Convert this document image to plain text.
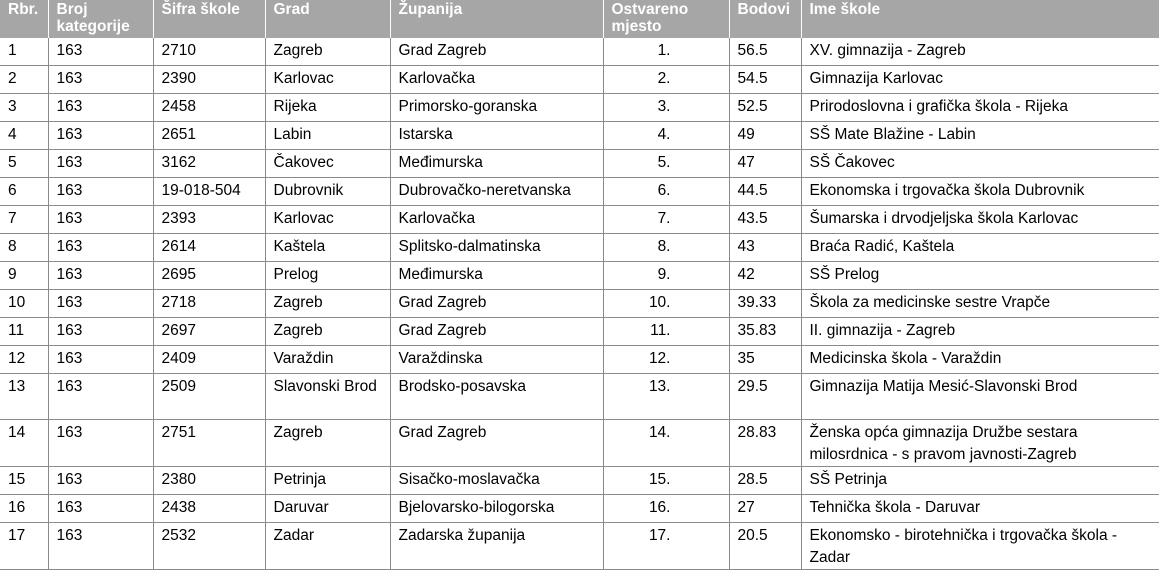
Rbr.	Broj kategorije	Šifra škole	Grad	Županija	Ostvareno mjesto	Bodovi	Ime škole
1	163	2710	Zagreb	Grad Zagreb	1.	56.5	XV. gimnazija - Zagreb
2	163	2390	Karlovac	Karlovačka	2.	54.5	Gimnazija Karlovac
3	163	2458	Rijeka	Primorsko-goranska	3.	52.5	Prirodoslovna i grafička škola - Rijeka
4	163	2651	Labin	Istarska	4.	49	SŠ Mate Blažine - Labin
5	163	3162	Čakovec	Međimurska	5.	47	SŠ Čakovec
6	163	19-018-504	Dubrovnik	Dubrovačko-neretvanska	6.	44.5	Ekonomska i trgovačka škola Dubrovnik
7	163	2393	Karlovac	Karlovačka	7.	43.5	Šumarska i drvodjeljska škola Karlovac
8	163	2614	Kaštela	Splitsko-dalmatinska	8.	43	Braća Radić, Kaštela
9	163	2695	Prelog	Međimurska	9.	42	SŠ Prelog
10	163	2718	Zagreb	Grad Zagreb	10.	39.33	Škola za medicinske sestre Vrapče
11	163	2697	Zagreb	Grad Zagreb	11.	35.83	II. gimnazija - Zagreb
12	163	2409	Varaždin	Varaždinska	12.	35	Medicinska škola - Varaždin
13	163	2509	Slavonski Brod	Brodsko-posavska	13.	29.5	Gimnazija Matija Mesić-Slavonski Brod
14	163	2751	Zagreb	Grad Zagreb	14.	28.83	Ženska opća gimnazija Družbe sestara milosrdnica - s pravom javnosti-Zagreb
15	163	2380	Petrinja	Sisačko-moslavačka	15.	28.5	SŠ Petrinja
16	163	2438	Daruvar	Bjelovarsko-bilogorska	16.	27	Tehnička škola - Daruvar
17	163	2532	Zadar	Zadarska županija	17.	20.5	Ekonomsko - birotehnička i trgovačka škola - Zadar
